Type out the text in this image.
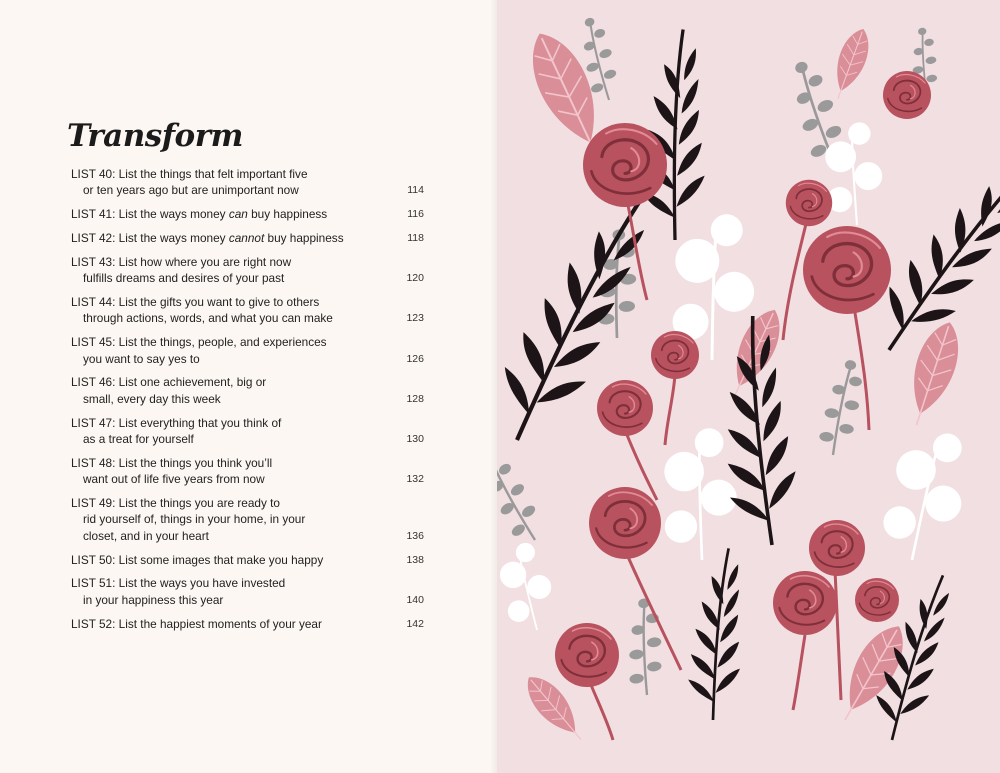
Transform
LIST 40: List the things that felt important five
or ten years ago but are unimportant now	114
LIST 41: List the ways money can buy happiness	116
LIST 42: List the ways money cannot buy happiness	118
LIST 43: List how where you are right now
fulfills dreams and desires of your past	120
LIST 44: List the gifts you want to give to others
through actions, words, and what you can make	123
LIST 45: List the things, people, and experiences
you want to say yes to	126
LIST 46: List one achievement, big or
small, every day this week	128
LIST 47: List everything that you think of
as a treat for yourself	130
LIST 48: List the things you think you’ll
want out of life five years from now	132
LIST 49: List the things you are ready to
rid yourself of, things in your home, in your
closet, and in your heart	136
LIST 50: List some images that make you happy	138
LIST 51: List the ways you have invested
in your happiness this year	140
LIST 52: List the happiest moments of your year	142
